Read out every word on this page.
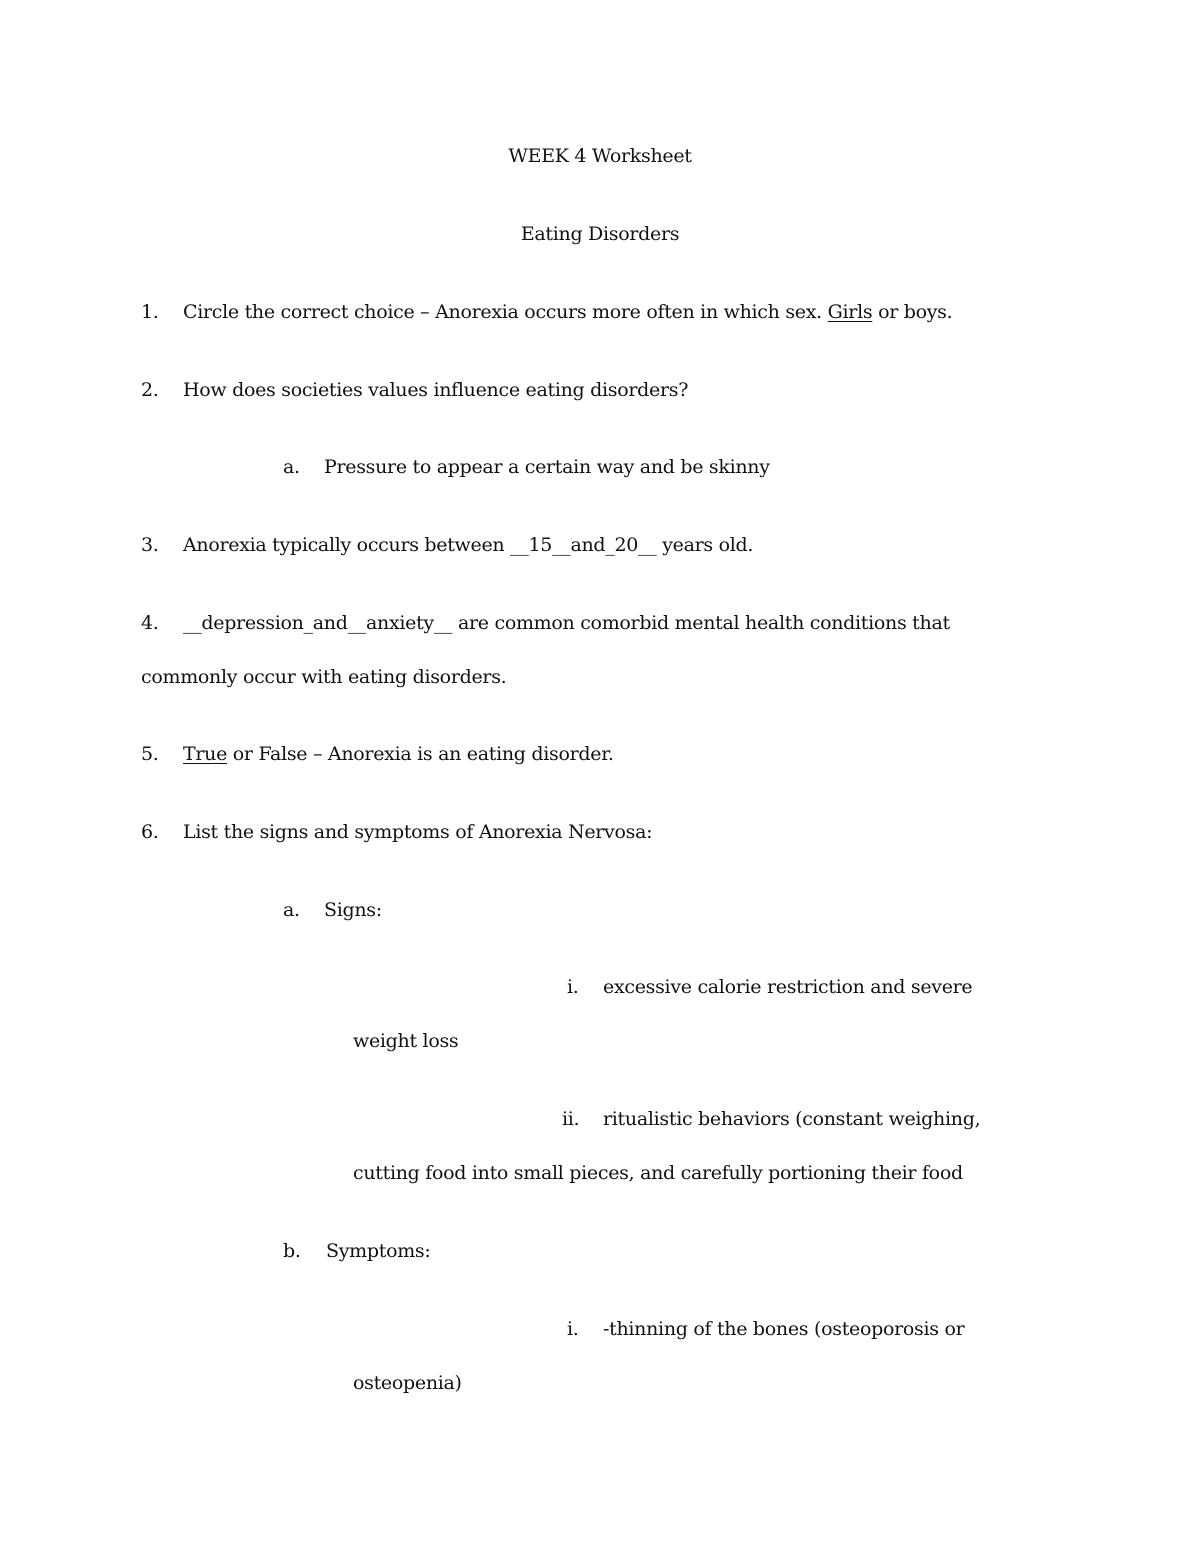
WEEK 4 Worksheet
Eating Disorders
1. Circle the correct choice – Anorexia occurs more often in which sex. Girls or boys.
2. How does societies values influence eating disorders?
a. Pressure to appear a certain way and be skinny
3. Anorexia typically occurs between __15__and_20__ years old.
4. __depression_and__anxiety__ are common comorbid mental health conditions that
commonly occur with eating disorders.
5. True or False – Anorexia is an eating disorder.
6. List the signs and symptoms of Anorexia Nervosa:
a. Signs:
i. excessive calorie restriction and severe
weight loss
ii. ritualistic behaviors (constant weighing,
cutting food into small pieces, and carefully portioning their food
b. Symptoms:
i. -thinning of the bones (osteoporosis or
osteopenia)
